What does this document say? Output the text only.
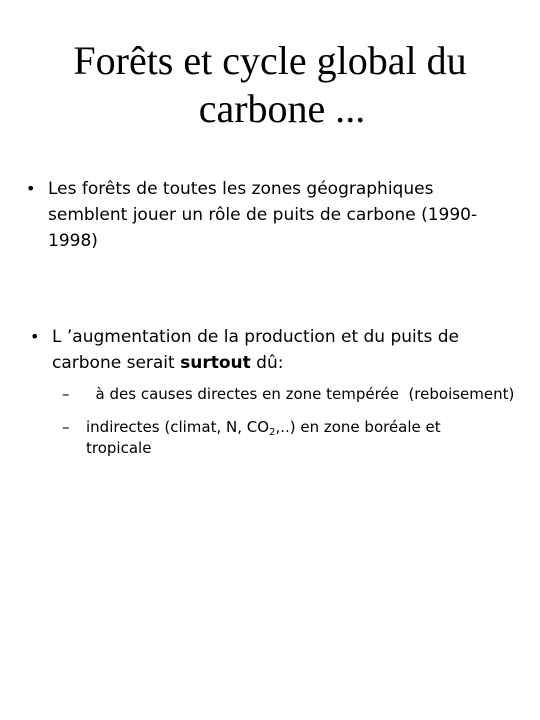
Forêts et cycle global du
carbone ...
• Les forêts de toutes les zones géographiques semblent jouer un rôle de puits de carbone (1990-1998)
• L ’augmentation de la production et du puits de carbone serait surtout dû:
– à des causes directes en zone tempérée  (reboisement)
– indirectes (climat, N, $CO_2$,..) en zone boréale et tropicale
